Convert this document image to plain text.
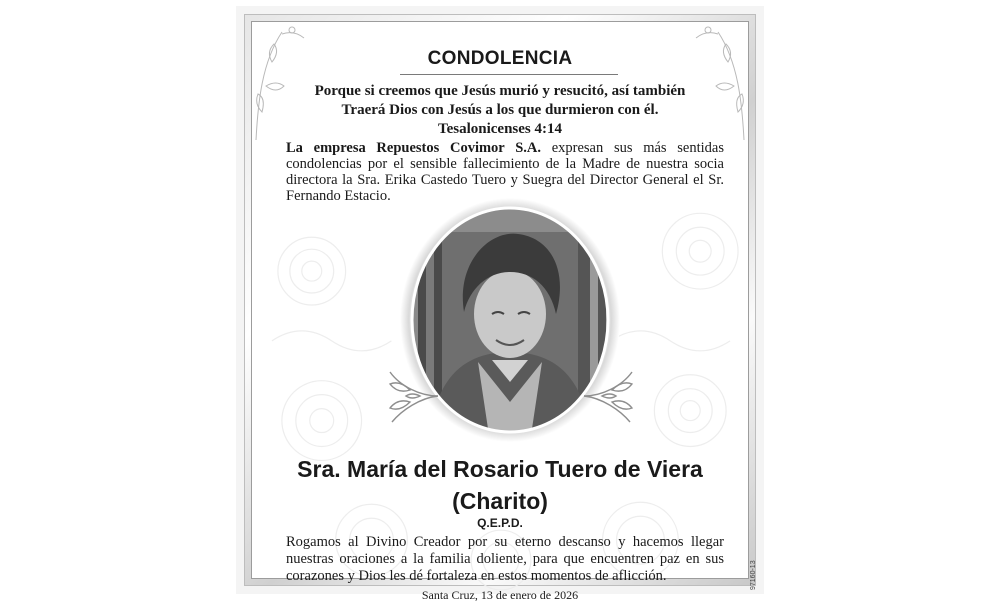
CONDOLENCIA
Porque si creemos que Jesús murió y resucitó, así también
Traerá Dios con Jesús a los que durmieron con él.
Tesalonicenses 4:14
La empresa Repuestos Covimor S.A. expresan sus más sentidas condolencias por el sensible fallecimiento de la Madre de nuestra socia directora la Sra. Erika Castedo Tuero y Suegra del Director General el Sr. Fernando Estacio.
Sra. María del Rosario Tuero de Viera
(Charito)
Q.E.P.D.
Rogamos al Divino Creador por su eterno descanso y hacemos llegar nuestras oraciones a la familia doliente, para que encuentren paz en sus corazones y Dios les dé fortaleza en estos momentos de aflicción.
Santa Cruz, 13 de enero de 2026
97160-13
